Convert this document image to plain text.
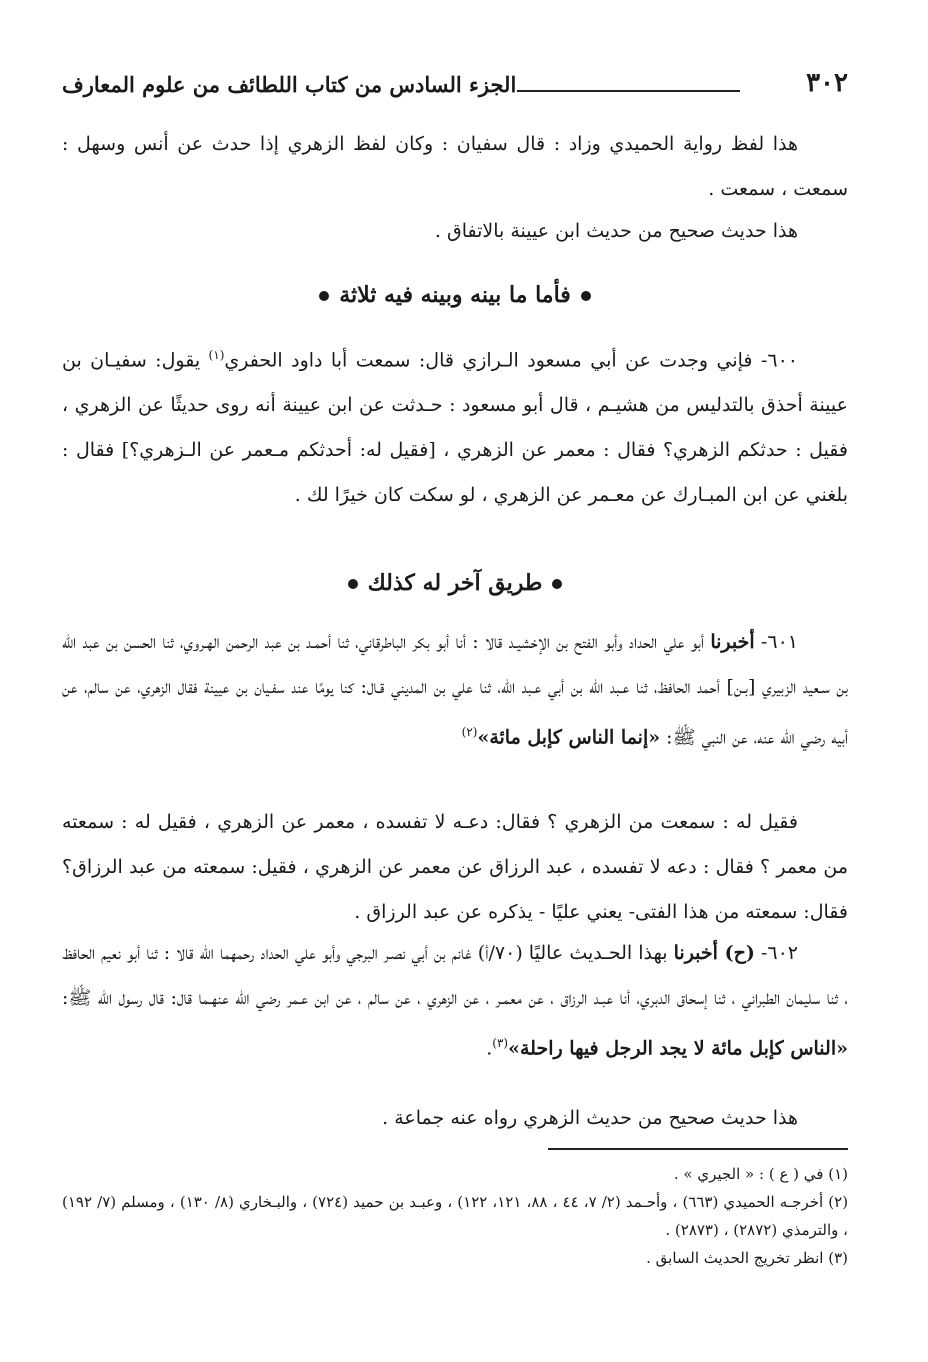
٣٠٢
الجزء السادس من كتاب اللطائف من علوم المعارف
هذا لفظ رواية الحميدي وزاد : قال سفيان : وكان لفظ الزهري إذا حدث عن أنس وسهل : سمعت ، سمعت .
هذا حديث صحيح من حديث ابن عيينة بالاتفاق .
فأما ما بينه وبينه فيه ثلاثة
٦٠٠- فإني وجدت عن أبي مسعود الـرازي قال: سمعت أبا داود الحفري$^{(١)}$ يقول: سفيـان بن عيينة أحذق بالتدليس من هشيـم ، قال أبو مسعود : حـدثت عن ابن عيينة أنه روى حديثًا عن الزهري ، فقيل : حدثكم الزهري؟ فقال : معمر عن الزهري ، [فقيل له: أحدثكم مـعمر عن الـزهري؟] فقال : بلغني عن ابن المبـارك عن معـمر عن الزهري ، لو سكت كان خيرًا لك .
طريق آخر له كذلك
٦٠١- أخبرنا أبو علي الحداد وأبو الفتح بن الإخشيـد قالا : أنا أبو بكر الباطرقاني، ثنا أحمـد بن عبد الرحمن الهـروي، ثنا الحسن بن عبد الله بن سـعيد الزبيري [بـن] أحمد الحافظ، ثنا عـبد الله بن أبي عـبد الله، ثنا علي بن المديني قـال: كنا يومًا عند سفـيان بن عيينة فقال الزهري، عن سالم، عن أبيه رضي الله عنه، عن النبي ﷺ: «إنما الناس كإبل مائة»$^{(٢)}$
فقيل له : سمعت من الزهري ؟ فقال: دعـه لا تفسده ، معمر عن الزهري ، فقيل له : سمعته من معمر ؟ فقال : دعه لا تفسده ، عبد الرزاق عن معمر عن الزهري ، فقيل: سمعته من عبد الرزاق؟ فقال: سمعته من هذا الفتى- يعني عليًا - يذكره عن عبد الرزاق .
٦٠٢- (ح) أخبرنا بهذا الحـديث عاليًا (٧٠/أ) غانم بن أبي نصـر البرجي وأبو علي الحداد رحمهما الله قالا : ثنا أبو نعيم الحافظ ، ثنا سليمان الطبراني ، ثنا إسحاق الدبري، أنا عبـد الرزاق ، عن معمـر ، عن الزهري ، عن سالم ، عن ابن عـمر رضي الله عنهـما قال: قال رسول الله ﷺ: «الناس كإبل مائة لا يجد الرجل فيها راحلة»$^{(٣)}$.
هذا حديث صحيح من حديث الزهري رواه عنه جماعة .
(١) في ( ع ) : « الجيري » .
(٢) أخرجـه الحميدي (٦٦٣) ، وأحـمد (٢/ ٧، ٤٤ ، ٨٨، ١٢١، ١٢٢) ، وعبـد بن حميد (٧٢٤) ، والبـخاري (٨/ ١٣٠) ، ومسلم (٧/ ١٩٢) ، والترمذي (٢٨٧٢) ، (٢٨٧٣) .
(٣) انظر تخريج الحديث السابق .
